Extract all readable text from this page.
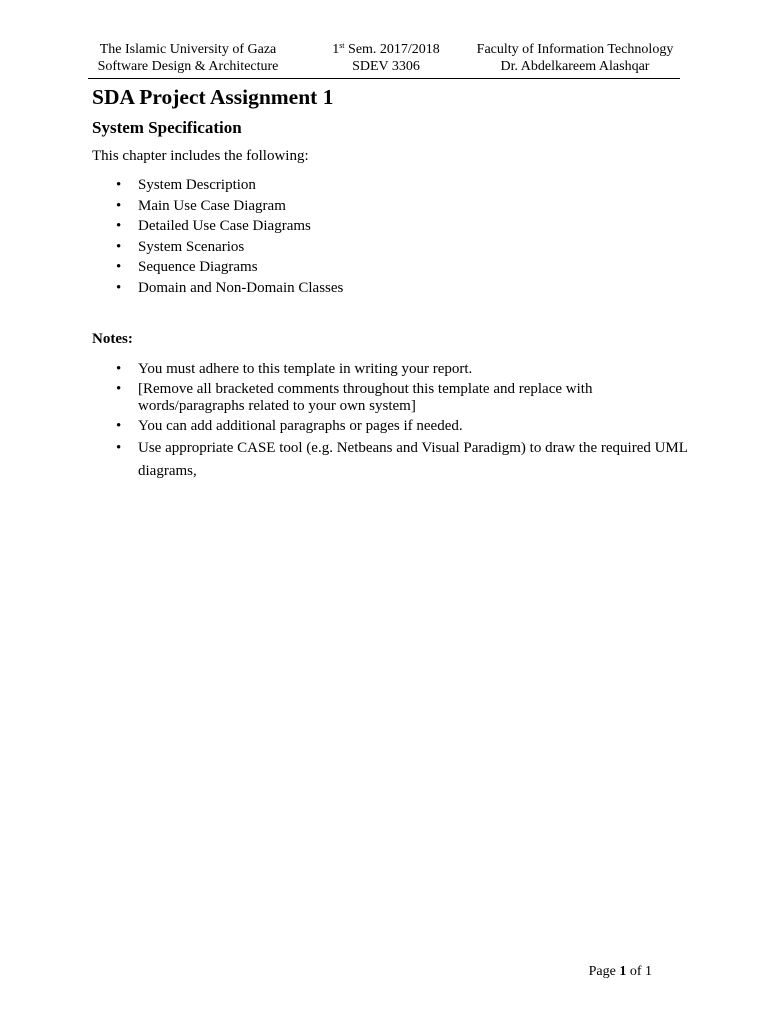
The Islamic University of Gaza
Software Design & Architecture
1st Sem. 2017/2018
SDEV 3306
Faculty of Information Technology
Dr. Abdelkareem Alashqar
SDA Project Assignment 1
System Specification

This chapter includes the following:

• System Description
• Main Use Case Diagram
• Detailed Use Case Diagrams
• System Scenarios
• Sequence Diagrams
• Domain and Non-Domain Classes
Notes:
• You must adhere to this template in writing your report.
• [Remove all bracketed comments throughout this template and replace with words/paragraphs related to your own system]
• You can add additional paragraphs or pages if needed.
• Use appropriate CASE tool (e.g. Netbeans and Visual Paradigm) to draw the required UML diagrams,
Page 1 of 1
